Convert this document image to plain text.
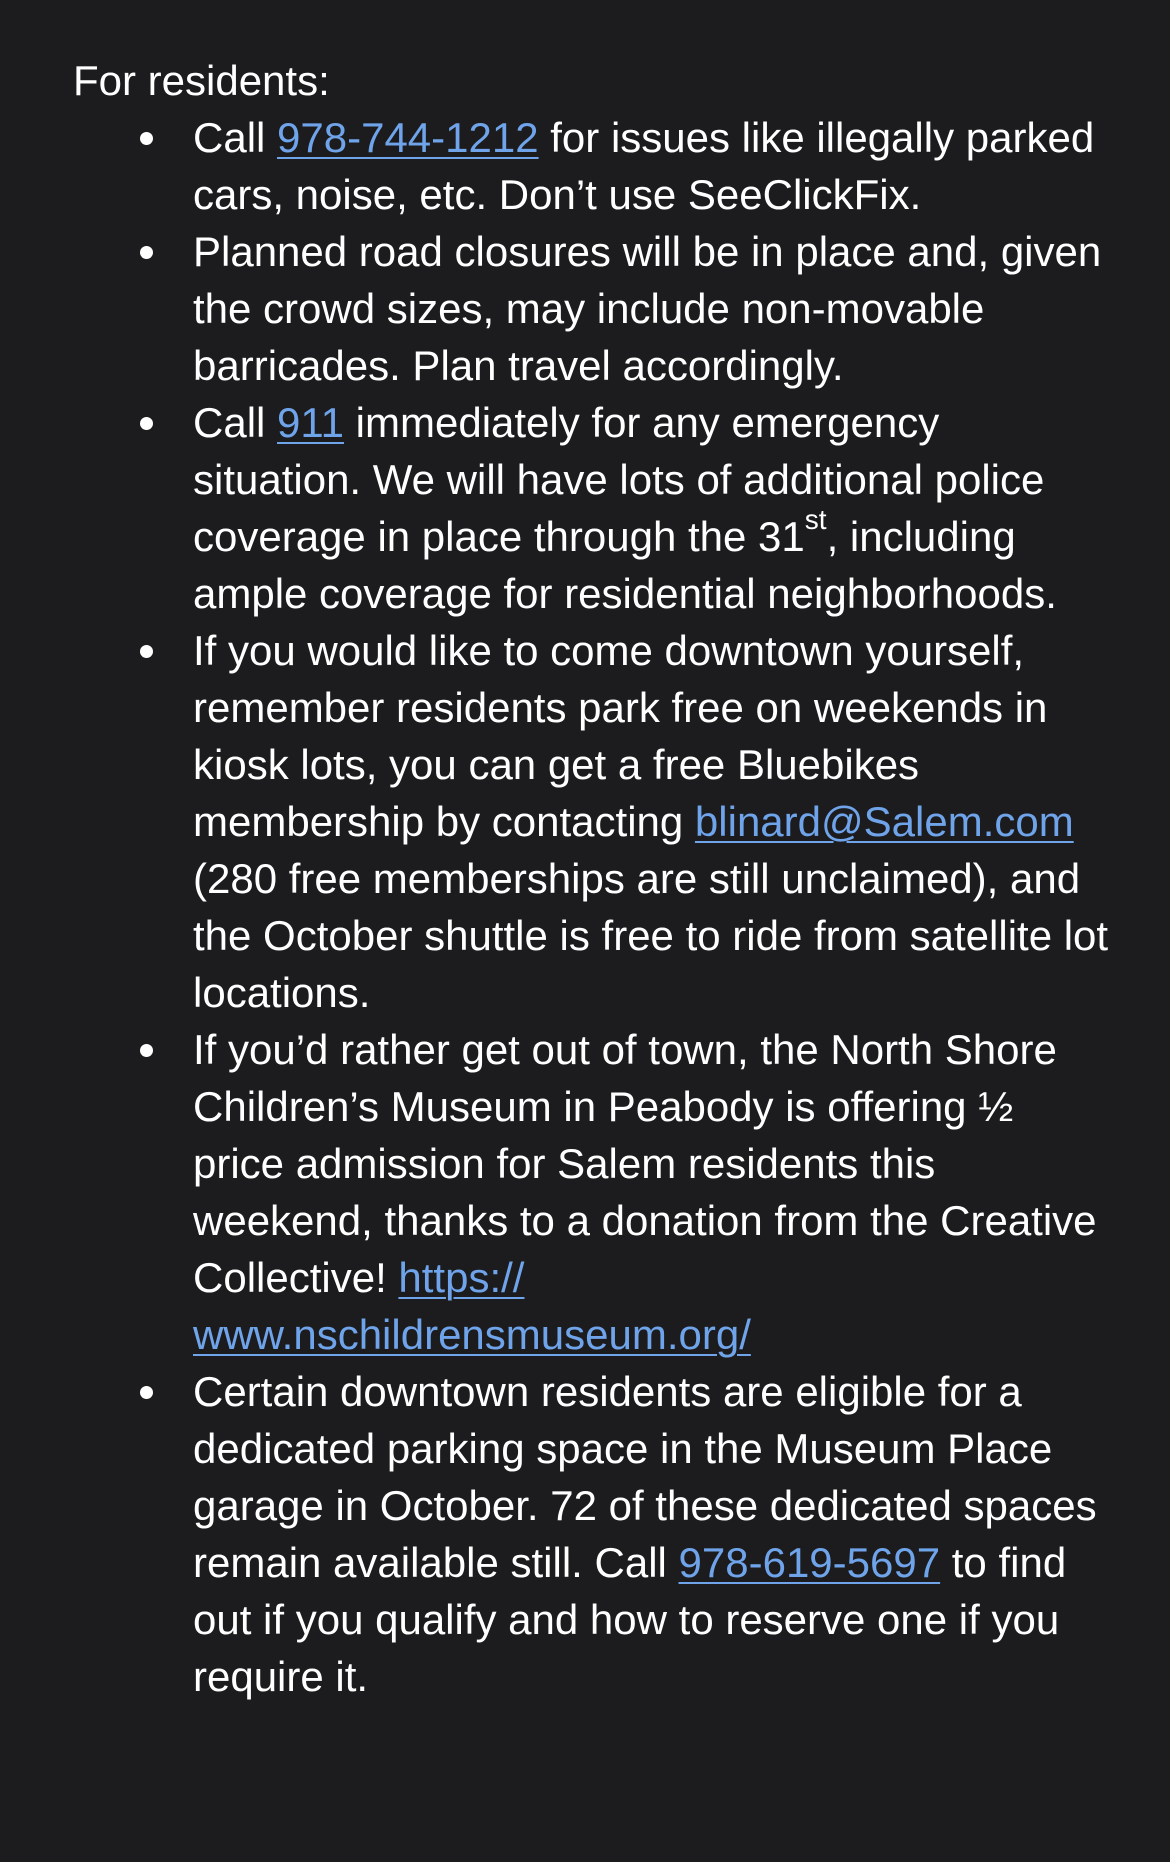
For residents:

Call 978-744-1212 for issues like illegally parked cars, noise, etc. Don’t use SeeClickFix.
Planned road closures will be in place and, given the crowd sizes, may include non-movable barricades. Plan travel accordingly.
Call 911 immediately for any emergency situation. We will have lots of additional police coverage in place through the 31st, including ample coverage for residential neighborhoods.
If you would like to come downtown yourself, remember residents park free on weekends in kiosk lots, you can get a free Bluebikes membership by contacting blinard@Salem.com (280 free memberships are still unclaimed), and the October shuttle is free to ride from satellite lot locations.
If you’d rather get out of town, the North Shore Children’s Museum in Peabody is offering ½ price admission for Salem residents this weekend, thanks to a donation from the Creative Collective! https://
www.nschildrensmuseum.org/
Certain downtown residents are eligible for a dedicated parking space in the Museum Place garage in October. 72 of these dedicated spaces remain available still. Call 978-619-5697 to find out if you qualify and how to reserve one if you require it.
